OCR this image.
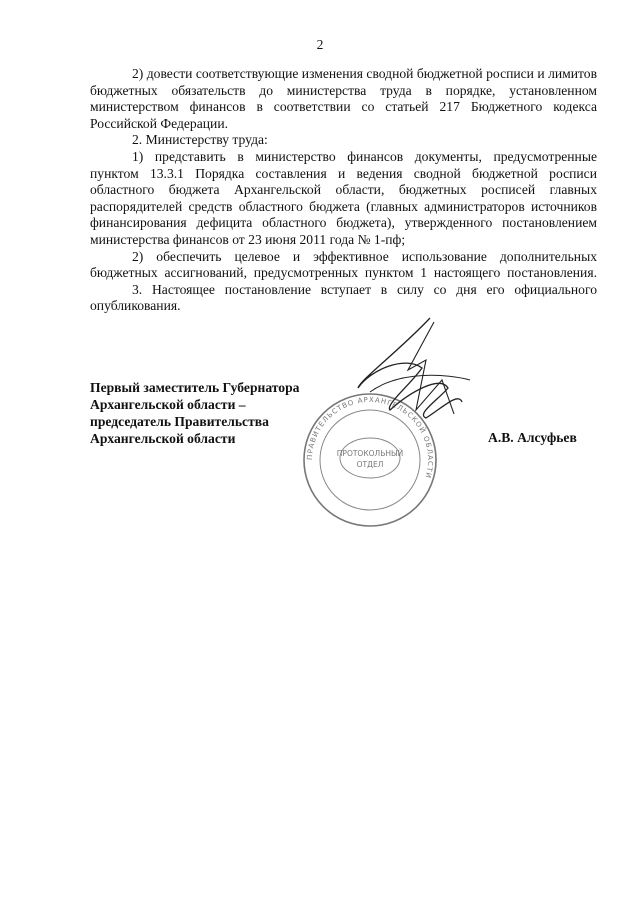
2

2) довести соответствующие изменения сводной бюджетной росписи и лимитов бюджетных обязательств до министерства труда в порядке, установленном министерством финансов в соответствии со статьей 217 Бюджетного кодекса Российской Федерации.

2. Министерству труда:

1) представить в министерство финансов документы, предусмотренные пунктом 13.3.1 Порядка составления и ведения сводной бюджетной росписи областного бюджета Архангельской области, бюджетных росписей главных распорядителей средств областного бюджета (главных администраторов источников финансирования дефицита областного бюджета), утвержденного постановлением министерства финансов от 23 июня 2011 года № 1-пф;

2) обеспечить целевое и эффективное использование дополнительных бюджетных ассигнований, предусмотренных пунктом 1 настоящего постановления.

3. Настоящее постановление вступает в силу со дня его официального опубликования.

Первый заместитель Губернатора
Архангельской области –
председатель Правительства
Архангельской области	А.В. Алсуфьев
ПРАВИТЕЛЬСТВО АРХАНГЕЛЬСКОЙ ОБЛАСТИ
ПРОТОКОЛЬНЫЙ
ОТДЕЛ
